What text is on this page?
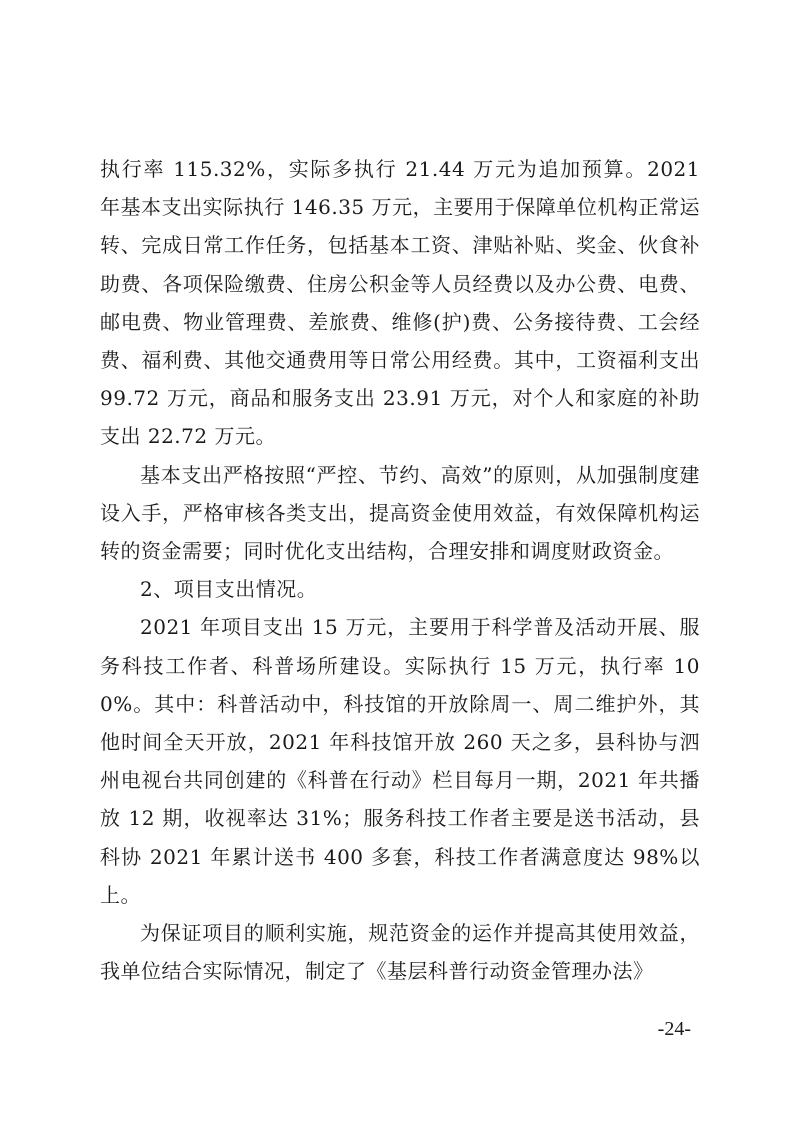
执行率 115.32%，实际多执行 21.44 万元为追加预算。2021 年基本支出实际执行 146.35 万元，主要用于保障单位机构正常运转、完成日常工作任务，包括基本工资、津贴补贴、奖金、伙食补助费、各项保险缴费、住房公积金等人员经费以及办公费、电费、邮电费、物业管理费、差旅费、维修(护)费、公务接待费、工会经费、福利费、其他交通费用等日常公用经费。其中，工资福利支出 99.72 万元，商品和服务支出 23.91 万元，对个人和家庭的补助支出 22.72 万元。

基本支出严格按照“严控、节约、高效”的原则，从加强制度建设入手，严格审核各类支出，提高资金使用效益，有效保障机构运转的资金需要；同时优化支出结构，合理安排和调度财政资金。

2、项目支出情况。

2021 年项目支出 15 万元，主要用于科学普及活动开展、服务科技工作者、科普场所建设。实际执行 15 万元，执行率 100%。其中：科普活动中，科技馆的开放除周一、周二维护外，其他时间全天开放，2021 年科技馆开放 260 天之多，县科协与泗州电视台共同创建的《科普在行动》栏目每月一期，2021 年共播放 12 期，收视率达 31%；服务科技工作者主要是送书活动，县科协 2021 年累计送书 400 多套，科技工作者满意度达 98%以上。

为保证项目的顺利实施，规范资金的运作并提高其使用效益，我单位结合实际情况，制定了《基层科普行动资金管理办法》

-24-
